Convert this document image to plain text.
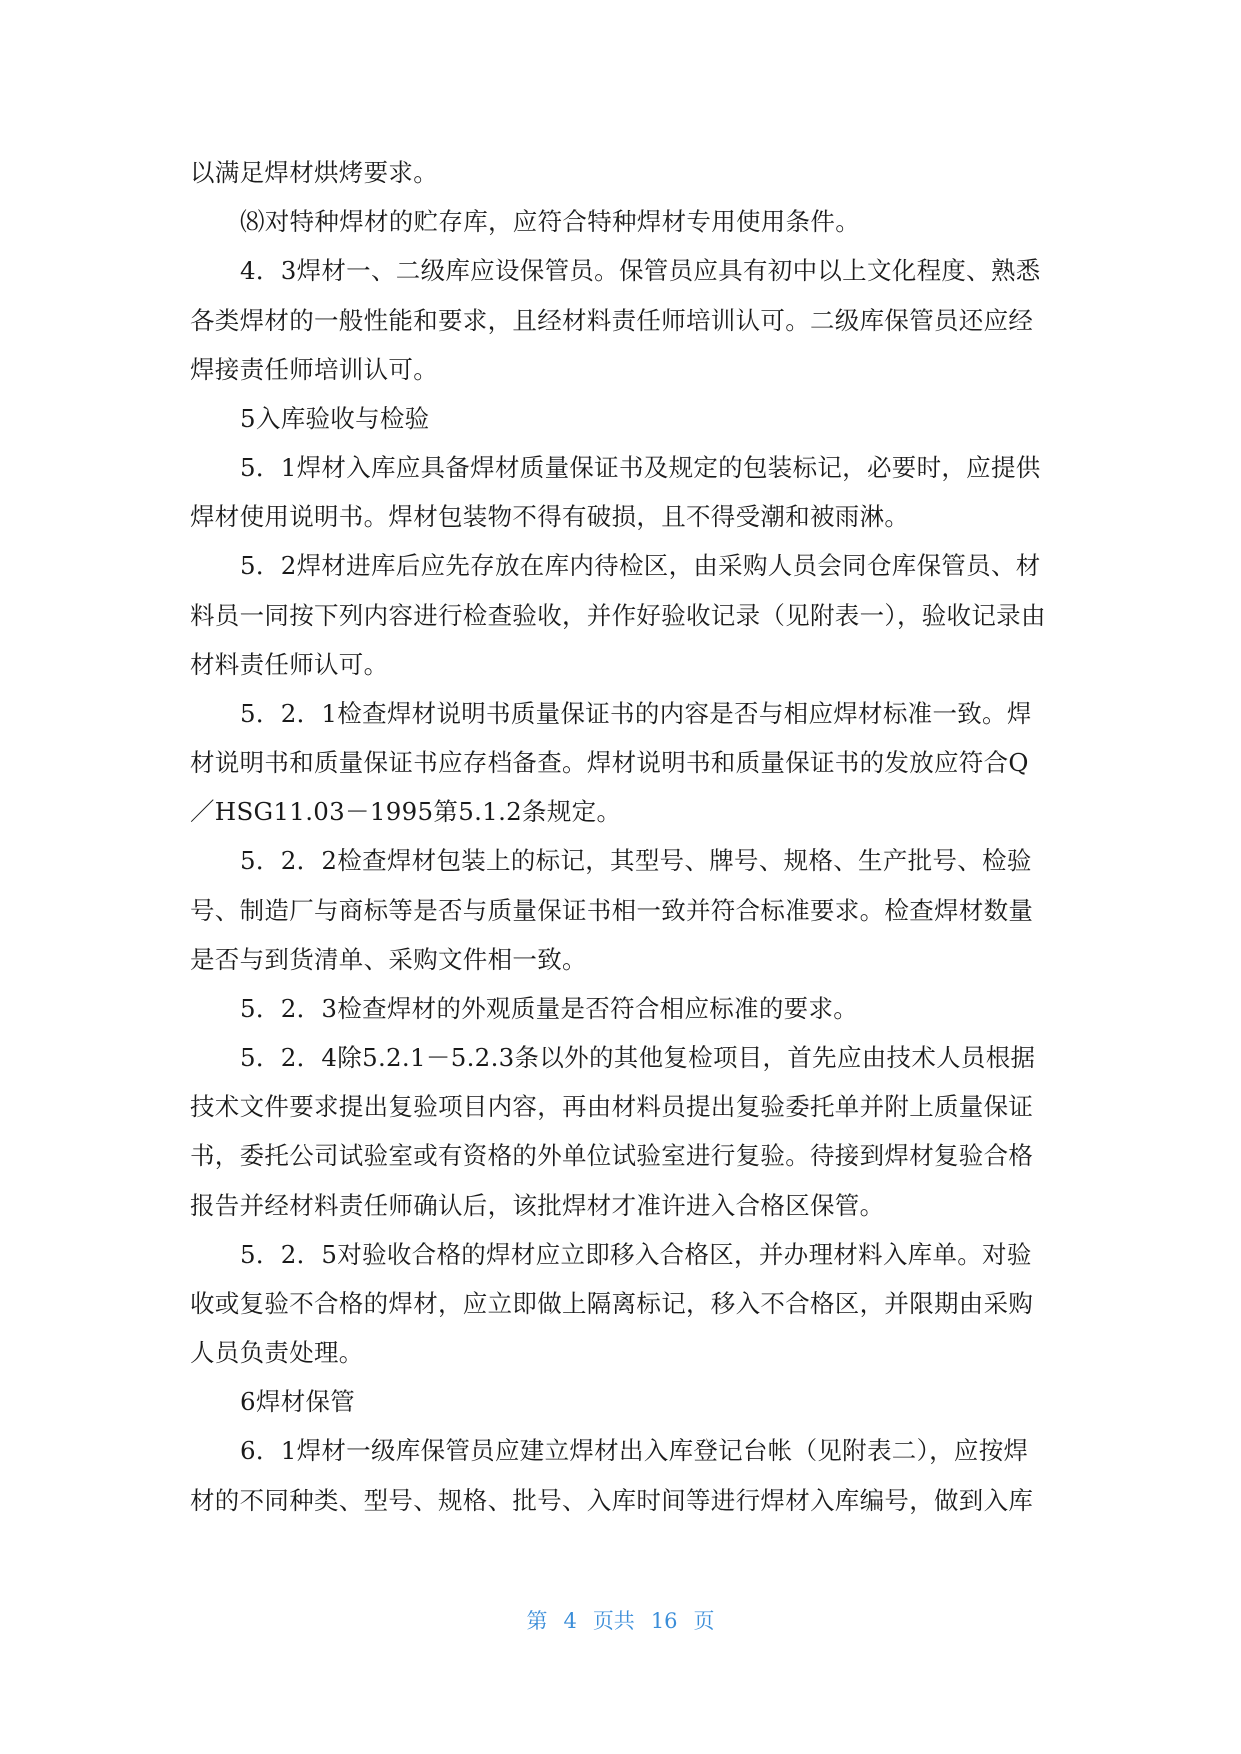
以满足焊材烘烤要求。
⑻对特种焊材的贮存库，应符合特种焊材专用使用条件。
4．3焊材一、二级库应设保管员。保管员应具有初中以上文化程度、熟悉
各类焊材的一般性能和要求，且经材料责任师培训认可。二级库保管员还应经
焊接责任师培训认可。
5入库验收与检验
5．1焊材入库应具备焊材质量保证书及规定的包装标记，必要时，应提供
焊材使用说明书。焊材包装物不得有破损，且不得受潮和被雨淋。
5．2焊材进库后应先存放在库内待检区，由采购人员会同仓库保管员、材
料员一同按下列内容进行检查验收，并作好验收记录（见附表一），验收记录由
材料责任师认可。
5．2．1检查焊材说明书质量保证书的内容是否与相应焊材标准一致。焊
材说明书和质量保证书应存档备查。焊材说明书和质量保证书的发放应符合Q
／HSG11.03－1995第5.1.2条规定。
5．2．2检查焊材包装上的标记，其型号、牌号、规格、生产批号、检验
号、制造厂与商标等是否与质量保证书相一致并符合标准要求。检查焊材数量
是否与到货清单、采购文件相一致。
5．2．3检查焊材的外观质量是否符合相应标准的要求。
5．2．4除5.2.1－5.2.3条以外的其他复检项目，首先应由技术人员根据
技术文件要求提出复验项目内容，再由材料员提出复验委托单并附上质量保证
书，委托公司试验室或有资格的外单位试验室进行复验。待接到焊材复验合格
报告并经材料责任师确认后，该批焊材才准许进入合格区保管。
5．2．5对验收合格的焊材应立即移入合格区，并办理材料入库单。对验
收或复验不合格的焊材，应立即做上隔离标记，移入不合格区，并限期由采购
人员负责处理。
6焊材保管
6．1焊材一级库保管员应建立焊材出入库登记台帐（见附表二），应按焊
材的不同种类、型号、规格、批号、入库时间等进行焊材入库编号，做到入库
第 4 页共 16 页
